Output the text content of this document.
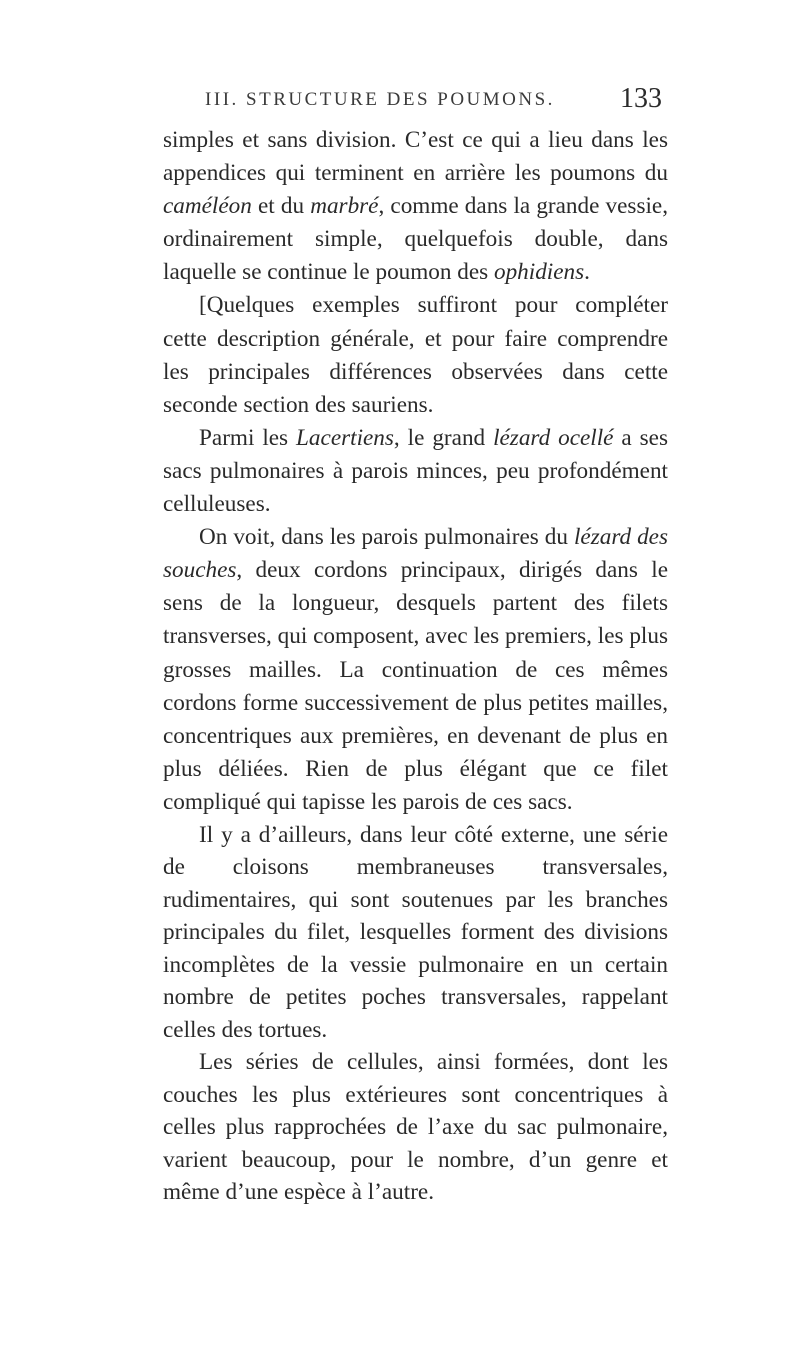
III. STRUCTURE DES POUMONS.	133

simples et sans division. C’est ce qui a lieu dans les appendices qui terminent en arrière les poumons du caméléon et du marbré, comme dans la grande vessie, ordinairement simple, quelquefois double, dans laquelle se continue le poumon des ophidiens.

[Quelques exemples suffiront pour compléter cette description générale, et pour faire comprendre les principales différences observées dans cette seconde section des sauriens.

Parmi les Lacertiens, le grand lézard ocellé a ses sacs pulmonaires à parois minces, peu profondément celluleuses.

On voit, dans les parois pulmonaires du lézard des souches, deux cordons principaux, dirigés dans le sens de la longueur, desquels partent des filets transverses, qui composent, avec les premiers, les plus grosses mailles. La continuation de ces mêmes cordons forme successivement de plus petites mailles, concentriques aux premières, en devenant de plus en plus déliées. Rien de plus élégant que ce filet compliqué qui tapisse les parois de ces sacs.

Il y a d’ailleurs, dans leur côté externe, une série de cloisons membraneuses transversales, rudimentaires, qui sont soutenues par les branches principales du filet, lesquelles forment des divisions incomplètes de la vessie pulmonaire en un certain nombre de petites poches transversales, rappelant celles des tortues.

Les séries de cellules, ainsi formées, dont les couches les plus extérieures sont concentriques à celles plus rapprochées de l’axe du sac pulmonaire, varient beaucoup, pour le nombre, d’un genre et même d’une espèce à l’autre.
